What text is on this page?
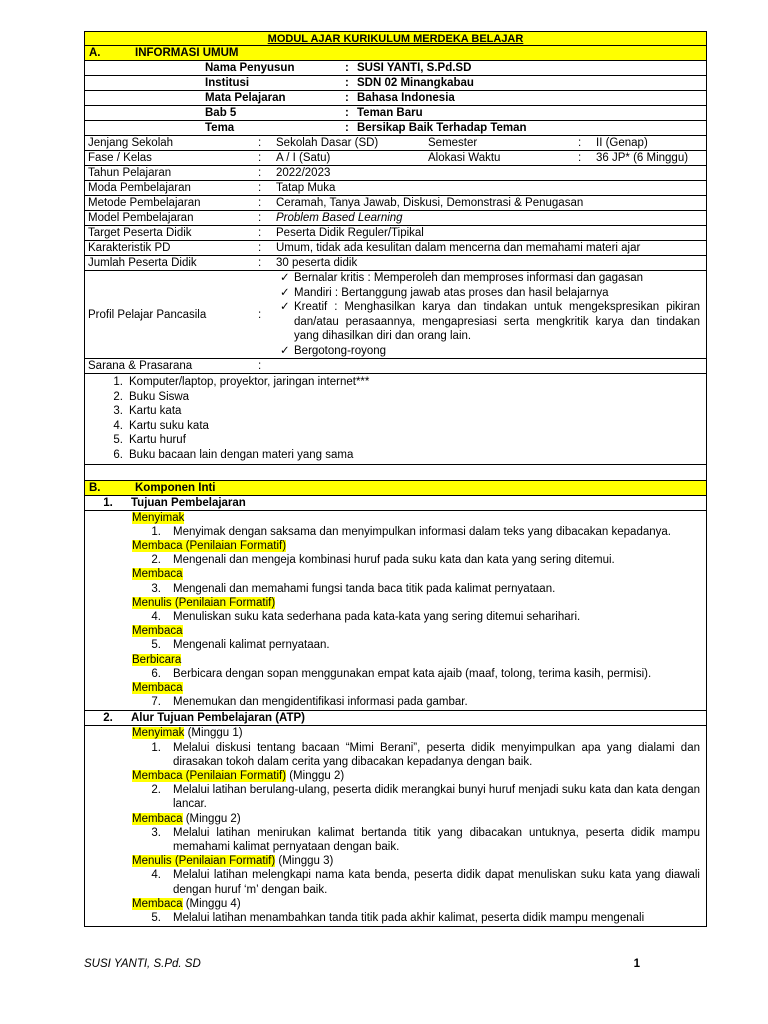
MODUL AJAR KURIKULUM MERDEKA BELAJAR
A.	INFORMASI UMUM
Nama Penyusun	: SUSI YANTI, S.Pd.SD
Institusi	: SDN 02 Minangkabau
Mata Pelajaran	: Bahasa Indonesia
Bab 5	: Teman Baru
Tema	: Bersikap Baik Terhadap Teman
Jenjang Sekolah	:	Sekolah Dasar (SD)	Semester	:	II (Genap)
Fase / Kelas	:	A / I (Satu)	Alokasi Waktu	:	36 JP* (6 Minggu)
Tahun Pelajaran	:	2022/2023
Moda Pembelajaran	:	Tatap Muka
Metode Pembelajaran	:	Ceramah, Tanya Jawab, Diskusi, Demonstrasi & Penugasan
Model Pembelajaran	:	Problem Based Learning
Target Peserta Didik	:	Peserta Didik Reguler/Tipikal
Karakteristik PD	:	Umum, tidak ada kesulitan dalam mencerna dan memahami materi ajar
Jumlah Peserta Didik	:	30 peserta didik
Profil Pelajar Pancasila	:
✓ Bernalar kritis : Memperoleh dan memproses informasi dan gagasan
✓ Mandiri : Bertanggung jawab atas proses dan hasil belajarnya
✓ Kreatif : Menghasilkan karya dan tindakan untuk mengekspresikan pikiran dan/atau perasaannya, mengapresiasi serta mengkritik karya dan tindakan yang dihasilkan diri dan orang lain.
✓ Bergotong-royong
Sarana & Prasarana	:
1. Komputer/laptop, proyektor, jaringan internet***
2. Buku Siswa
3. Kartu kata
4. Kartu suku kata
5. Kartu huruf
6. Buku bacaan lain dengan materi yang sama
B.	Komponen Inti
1.	Tujuan Pembelajaran
Menyimak
1.	Menyimak dengan saksama dan menyimpulkan informasi dalam teks yang dibacakan kepadanya.
Membaca (Penilaian Formatif)
2.	Mengenali dan mengeja kombinasi huruf pada suku kata dan kata yang sering ditemui.
Membaca
3.	Mengenali dan memahami fungsi tanda baca titik pada kalimat pernyataan.
Menulis (Penilaian Formatif)
4.	Menuliskan suku kata sederhana pada kata-kata yang sering ditemui seharihari.
Membaca
5.	Mengenali kalimat pernyataan.
Berbicara
6.	Berbicara dengan sopan menggunakan empat kata ajaib (maaf, tolong, terima kasih, permisi).
Membaca
7.	Menemukan dan mengidentifikasi informasi pada gambar.
2.	Alur Tujuan Pembelajaran (ATP)
Menyimak (Minggu 1)
1.	Melalui diskusi tentang bacaan “Mimi Berani”, peserta didik menyimpulkan apa yang dialami dan dirasakan tokoh dalam cerita yang dibacakan kepadanya dengan baik.
Membaca (Penilaian Formatif) (Minggu 2)
2.	Melalui latihan berulang-ulang, peserta didik merangkai bunyi huruf menjadi suku kata dan kata dengan lancar.
Membaca (Minggu 2)
3.	Melalui latihan menirukan kalimat bertanda titik yang dibacakan untuknya, peserta didik mampu memahami kalimat pernyataan dengan baik.
Menulis (Penilaian Formatif) (Minggu 3)
4.	Melalui latihan melengkapi nama kata benda, peserta didik dapat menuliskan suku kata yang diawali dengan huruf ‘m’ dengan baik.
Membaca (Minggu 4)
5.	Melalui latihan menambahkan tanda titik pada akhir kalimat, peserta didik mampu mengenali
SUSI YANTI, S.Pd. SD	1
